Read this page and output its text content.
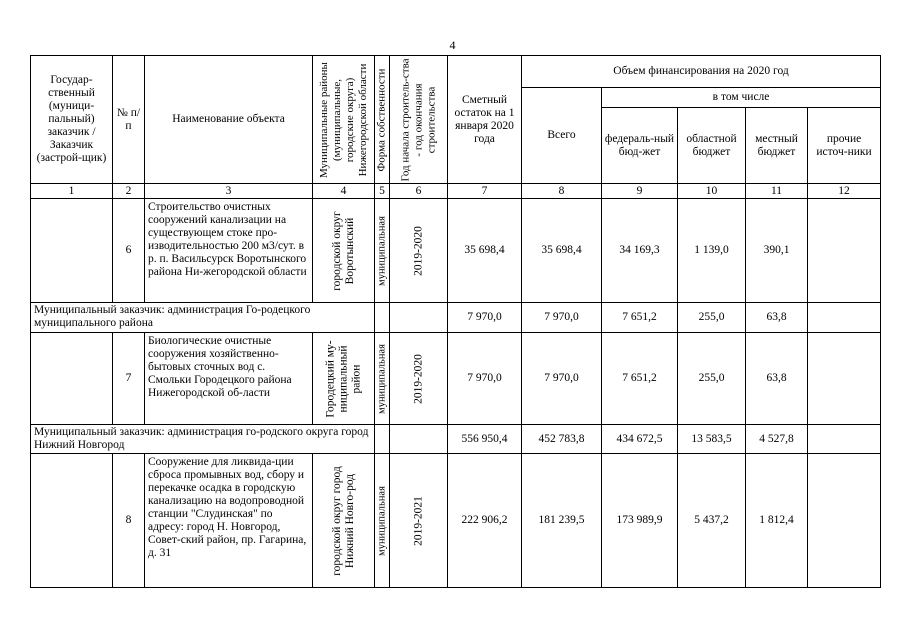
4
Государ-ственный (муници-пальный) заказчик / Заказчик (застрой-щик)	№ п/п	Наименование объекта	Муниципальные районы (муниципальные, городские округа) Нижегородской области	Форма собственности	Год начала строитель-ства - год окончания строительства	Сметный остаток на 1 января 2020 года	Объем финансирования на 2020 год				
							Всего	в том числе			
								федераль-ный бюд-жет	областной бюджет	местный бюджет	прочие источ-ники
1	2	3	4	5	6	7	8	9	10	11	12
	6	Строительство очистных сооружений канализации на существующем стоке про-изводительностью 200 м3/сут. в р. п. Васильсурск Воротынского района Ни-жегородской области	городской округ Воротынский	муниципальная	2019-2020	35 698,4	35 698,4	34 169,3	1 139,0	390,1	
Муниципальный заказчик: администрация Го-родецкого муниципального района						7 970,0	7 970,0	7 651,2	255,0	63,8	
	7	Биологические очистные сооружения хозяйственно-бытовых сточных вод с. Смольки Городецкого района Нижегородской об-ласти	Городецкий му-ниципальный район	муниципальная	2019-2020	7 970,0	7 970,0	7 651,2	255,0	63,8	
Муниципальный заказчик: администрация го-родского округа город Нижний Новгород						556 950,4	452 783,8	434 672,5	13 583,5	4 527,8	
	8	Сооружение для ликвида-ции сброса промывных вод, сбору и перекачке осадка в городскую канализацию на водопроводной станции "Слудинская" по адресу: город Н. Новгород, Совет-ский район, пр. Гагарина, д. 31	городской округ город Нижний Новго-род	муниципальная	2019-2021	222 906,2	181 239,5	173 989,9	5 437,2	1 812,4	
